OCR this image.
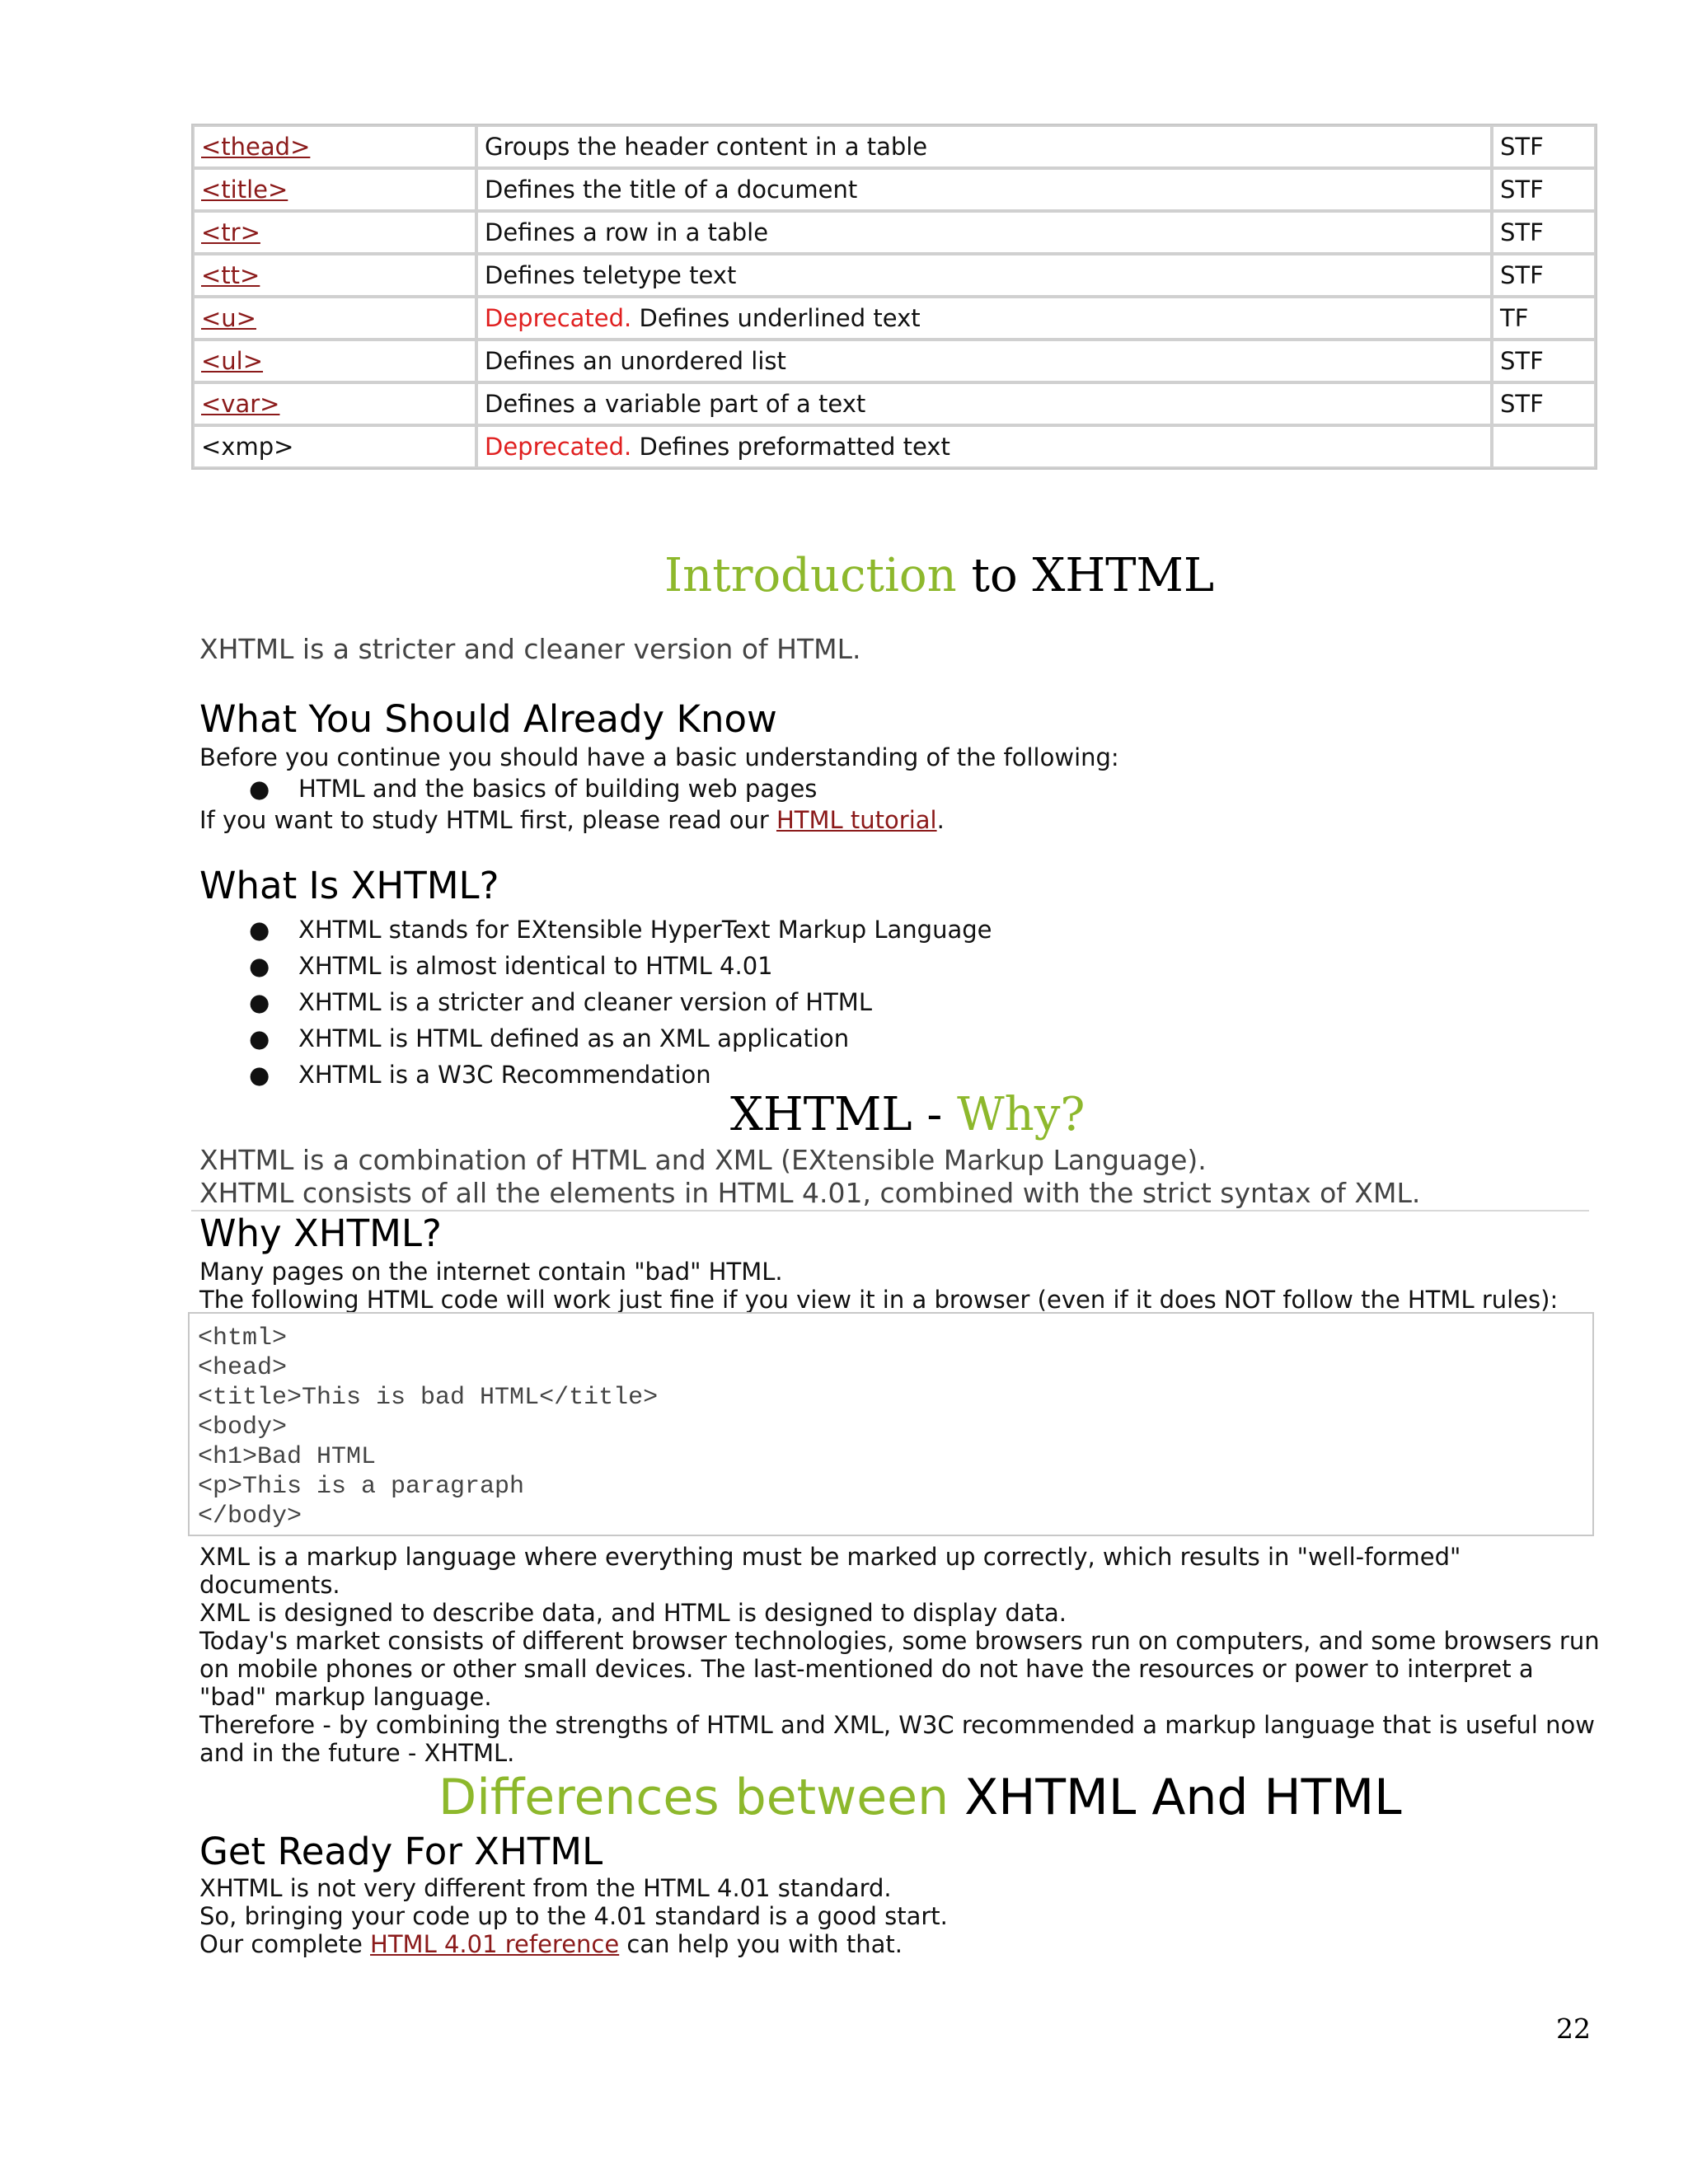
<thead>	Groups the header content in a table	STF
<title>	Defines the title of a document	STF
<tr>	Defines a row in a table	STF
<tt>	Defines teletype text	STF
<u>	Deprecated. Defines underlined text	TF
<ul>	Defines an unordered list	STF
<var>	Defines a variable part of a text	STF
<xmp>	Deprecated. Defines preformatted text	
Introduction to XHTML
XHTML is a stricter and cleaner version of HTML.
What You Should Already Know
Before you continue you should have a basic understanding of the following:
● HTML and the basics of building web pages
If you want to study HTML first, please read our HTML tutorial.
What Is XHTML?
● XHTML stands for EXtensible HyperText Markup Language
● XHTML is almost identical to HTML 4.01
● XHTML is a stricter and cleaner version of HTML
● XHTML is HTML defined as an XML application
● XHTML is a W3C Recommendation
XHTML - Why?
XHTML is a combination of HTML and XML (EXtensible Markup Language).
XHTML consists of all the elements in HTML 4.01, combined with the strict syntax of XML.
Why XHTML?
Many pages on the internet contain "bad" HTML.
The following HTML code will work just fine if you view it in a browser (even if it does NOT follow the HTML rules):
<html>
<head>
<title>This is bad HTML</title>
<body>
<h1>Bad HTML
<p>This is a paragraph
</body>
XML is a markup language where everything must be marked up correctly, which results in "well-formed"
documents.
XML is designed to describe data, and HTML is designed to display data.
Today's market consists of different browser technologies, some browsers run on computers, and some browsers run
on mobile phones or other small devices. The last-mentioned do not have the resources or power to interpret a
"bad" markup language.
Therefore - by combining the strengths of HTML and XML, W3C recommended a markup language that is useful now
and in the future - XHTML.
Differences between XHTML And HTML
Get Ready For XHTML
XHTML is not very different from the HTML 4.01 standard.
So, bringing your code up to the 4.01 standard is a good start.
Our complete HTML 4.01 reference can help you with that.
22
